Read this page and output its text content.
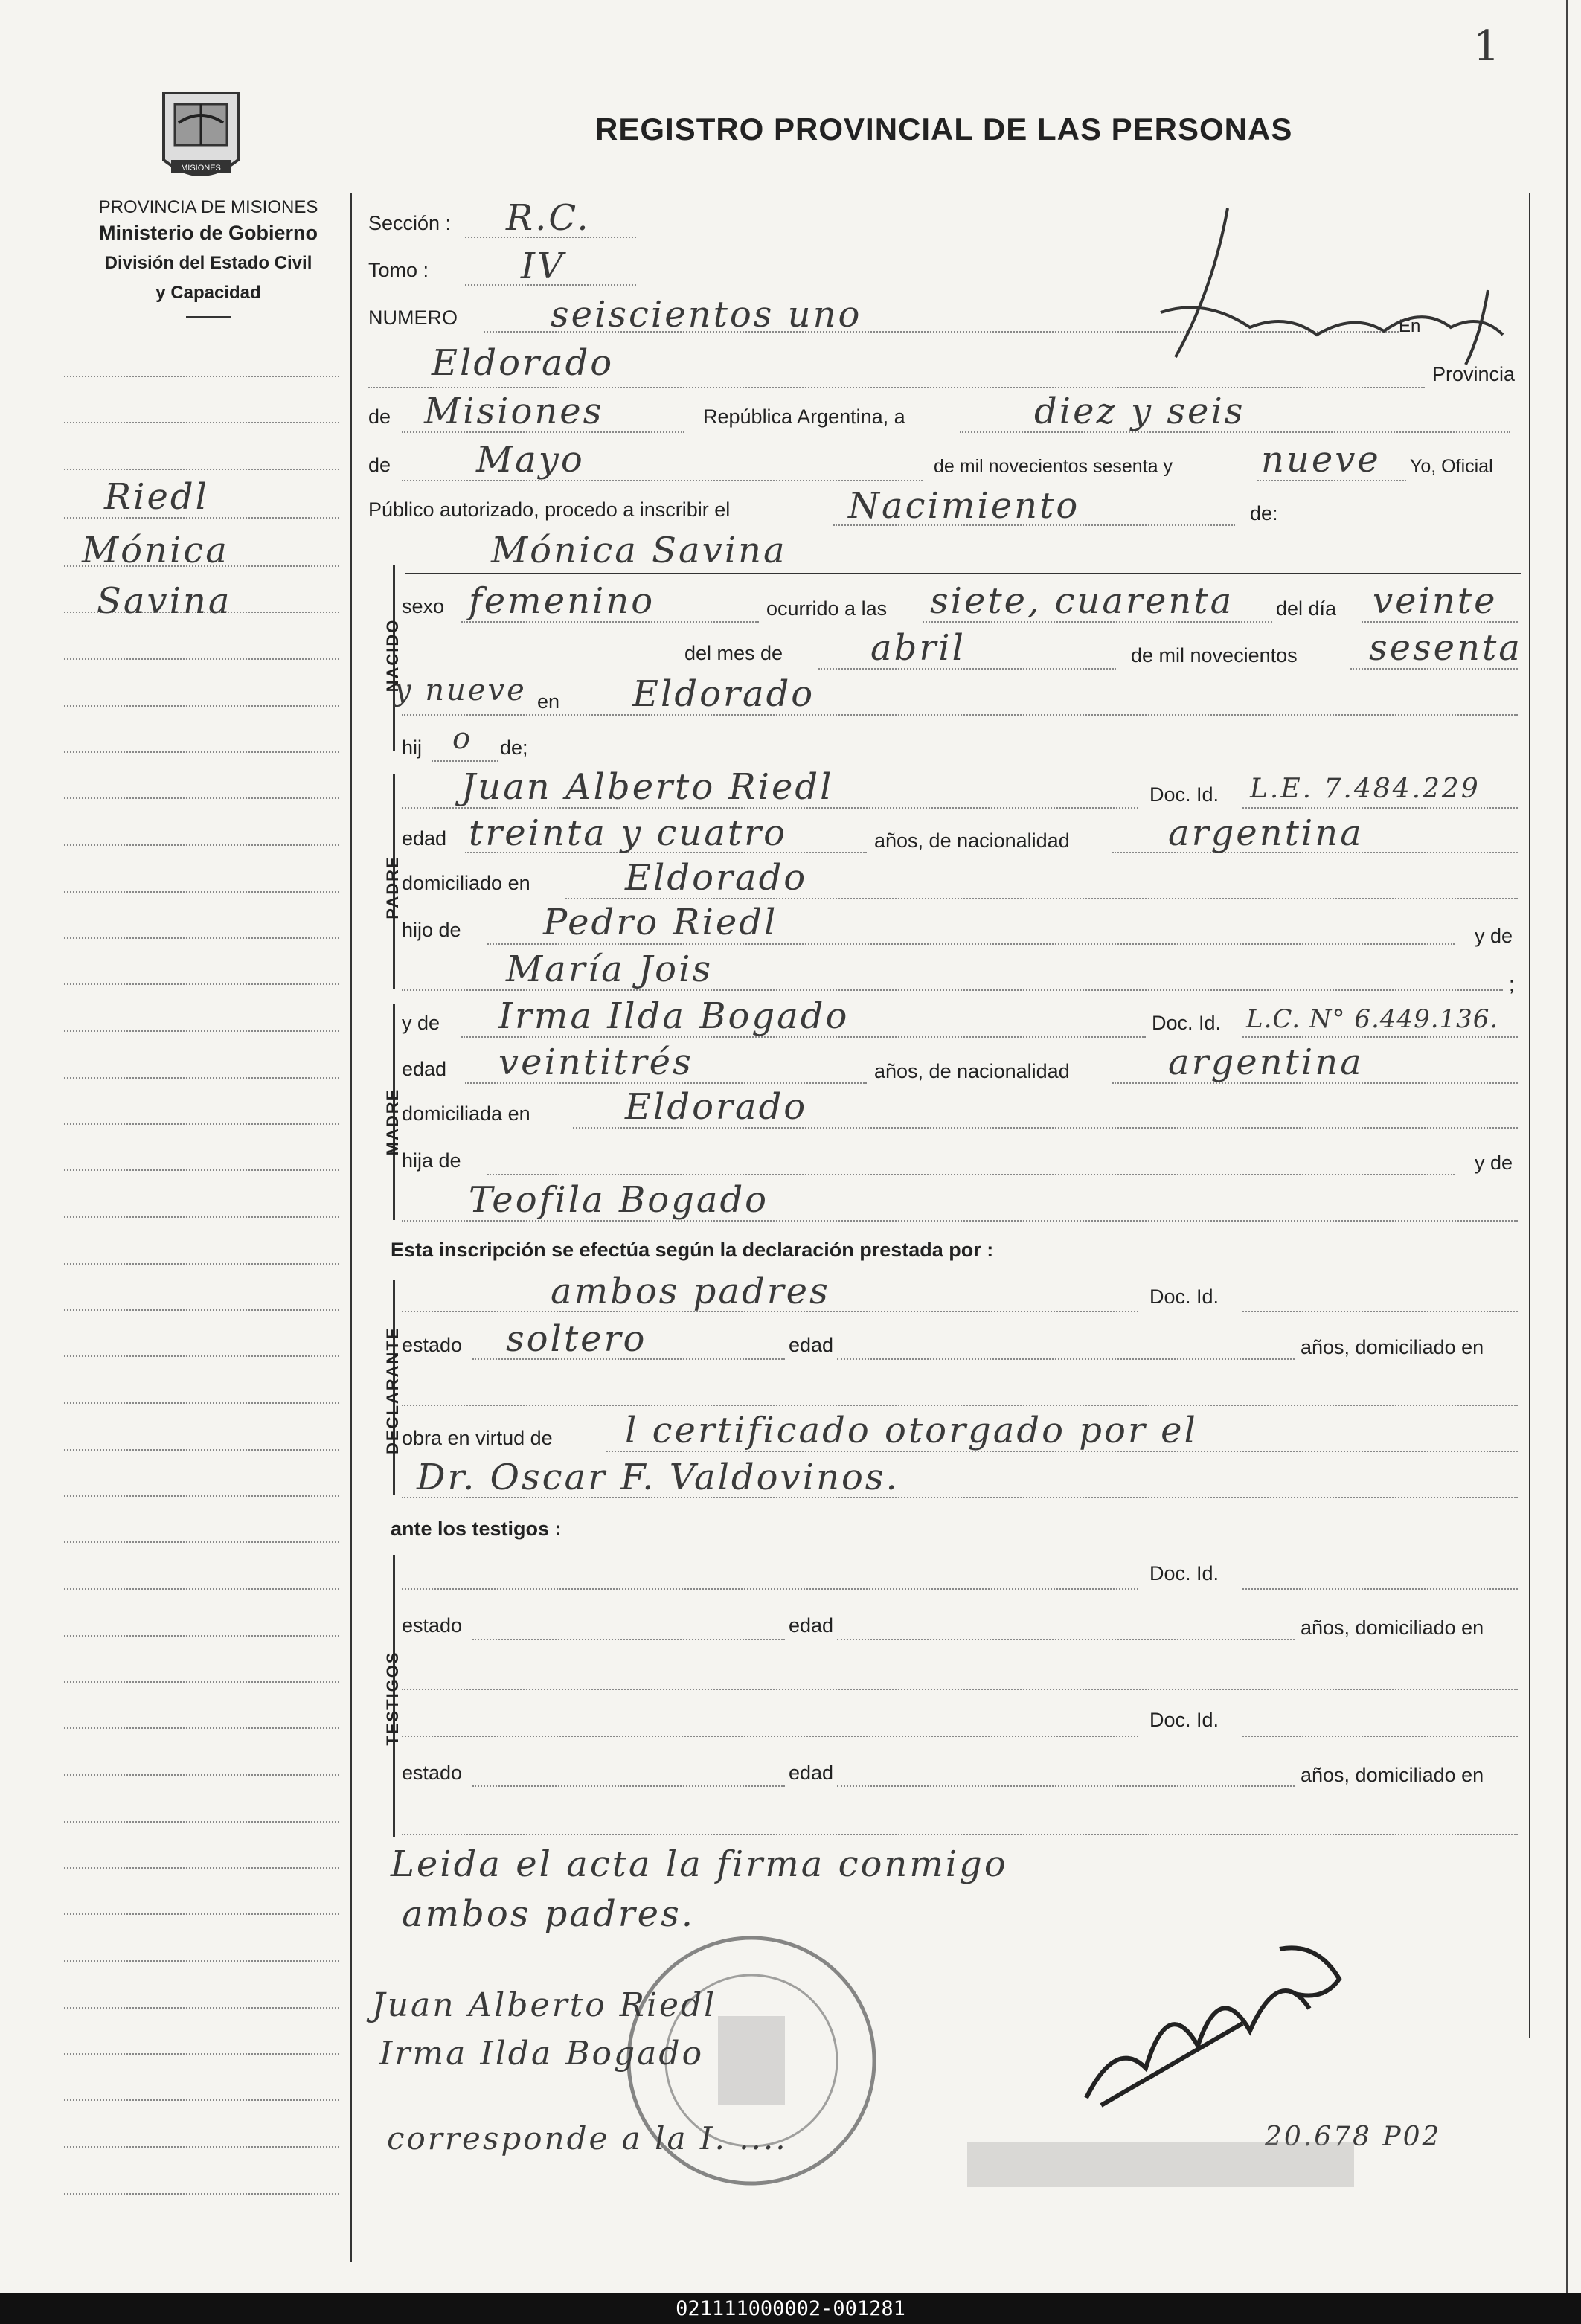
1
MISIONES
PROVINCIA DE MISIONES
Ministerio de Gobierno
División del Estado Civil
y Capacidad
REGISTRO PROVINCIAL DE LAS PERSONAS
Riedl
Mónica
Savina
Sección : R.C.
Tomo :	IV
NUMERO	seiscientos uno	En
Eldorado	Provincia
de Misiones	República Argentina, a	diez y seis
de Mayo	de mil novecientos sesenta y nueve Yo, Oficial
Público autorizado, procedo a inscribir el	Nacimiento	de:
NACIDO
Mónica Savina
sexo femenino	ocurrido a las siete, cuarenta del día veinte
del mes de abril	de mil novecientos sesenta
y nueve en Eldorado
hij o de;
PADRE
Juan Alberto Riedl	Doc. Id. L.E. 7.484.229
edad treinta y cuatro	años, de nacionalidad	argentina
domiciliado en	Eldorado
hijo de Pedro Riedl	y de
María Jois	;
MADRE
y de Irma Ilda Bogado	Doc. Id. L.C. N° 6.449.136.
edad veintitrés	años, de nacionalidad	argentina
domiciliada en	Eldorado
hija de	y de
Teofila Bogado
Esta inscripción se efectúa según la declaración prestada por :
DECLARANTE
ambos padres	Doc. Id.
estado soltero	edad	años, domiciliado en
obra en virtud de l certificado otorgado por el
Dr. Oscar F. Valdovinos.
ante los testigos :
TESTIGOS
Doc. Id.
estado	edad	años, domiciliado en
Doc. Id.
estado	edad	años, domiciliado en
Leida el acta la firma conmigo
ambos padres.
Juan Alberto Riedl
Irma Ilda Bogado
corresponde a la I. ....	20.678 P02
021111000002-001281
